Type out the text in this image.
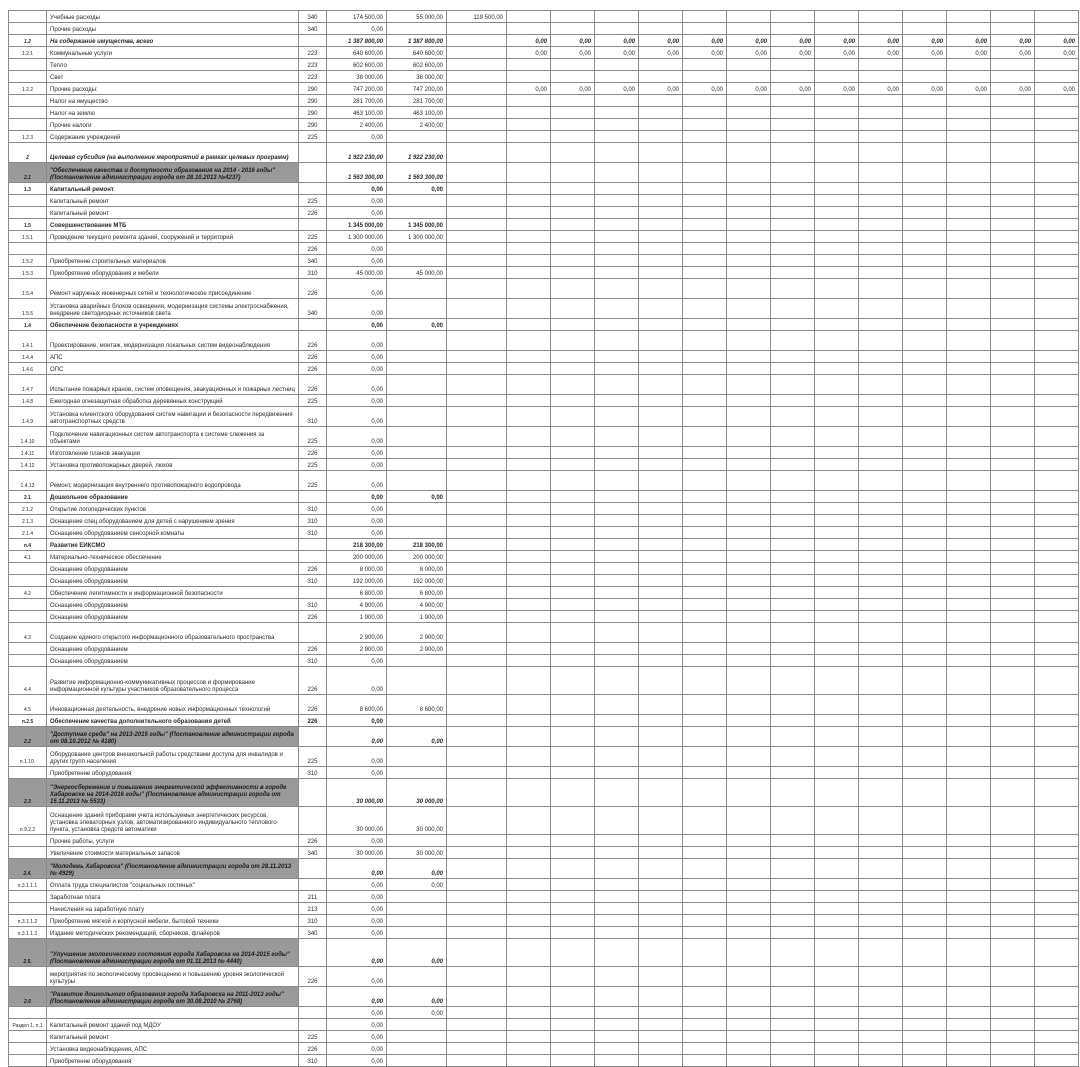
	Учебные расходы	340	174 500,00	55 000,00	119 500,00													
	Прочие расходы	340	0,00															
1.2	На содержание имущества, всего		1 387 800,00	1 387 800,00		0,00	0,00	0,00	0,00	0,00	0,00	0,00	0,00	0,00	0,00	0,00	0,00	0,00
1.2.1	Коммунальные услуги	223	640 600,00	640 600,00		0,00	0,00	0,00	0,00	0,00	0,00	0,00	0,00	0,00	0,00	0,00	0,00	0,00
	Тепло	223	602 600,00	602 600,00														
	Свет	223	38 000,00	38 000,00														
1.2.2	Прочие расходы:	290	747 200,00	747 200,00		0,00	0,00	0,00	0,00	0,00	0,00	0,00	0,00	0,00	0,00	0,00	0,00	0,00
	Налог на имущество	290	281 700,00	281 700,00														
	Налог на землю	290	463 100,00	463 100,00														
	Прочие налоги	290	2 400,00	2 400,00														
1.2.3	Содержание учреждений	225	0,00															
2	Целевая субсидия (на выполнение мероприятий в рамках целевых программ)		1 922 230,00	1 922 230,00														
2.1	"Обеспечение качества и доступности образования на 2014 - 2016 годы" (Постановление администрации города от 28.10.2013 №4237)		1 563 300,00	1 563 300,00														
1.3	Капитальный ремонт		0,00	0,00														
	Капитальный ремонт	225	0,00															
	Капитальный ремонт	226	0,00															
1.5	Совершенствование МТБ		1 345 000,00	1 345 000,00														
1.5.1	Проведение текущего ремонта зданий, сооружений и территорий	225	1 300 000,00	1 300 000,00														
		226	0,00															
1.5.2	Приобретение строительных материалов	340	0,00															
1.5.3	Приобретение оборудования и мебели	310	45 000,00	45 000,00														
1.5.4	Ремонт наружных инженерных сетей и технологическое присоединение	226	0,00															
1.5.5	Установка аварийных блоков освещения, модернизация системы электроснабжения, внедрение светодиодных источников света	340	0,00															
1.4	Обеспечение безопасности в учреждениях		0,00	0,00														
1.4.1	Проектирование, монтаж, модернизация локальных систем видеонаблюдения	226	0,00															
1.4.4	АПС	226	0,00															
1.4.6	ОПС	226	0,00															
1.4.7	Испытание пожарных кранов, систем оповещения, эвакуационных и пожарных лестниц	226	0,00															
1.4.8	Ежегодная огнезащитная обработка деревянных конструкций	225	0,00															
1.4.9	Установка клиентского оборудования систем навигации и безопасности передвижения автотранспортных средств	310	0,00															
1.4.10	Подключение навигационных систем автотранспорта к системе слежения за объектами	225	0,00															
1.4.11	Изготовление планов эвакуации	226	0,00															
1.4.12	Установка противопожарных дверей, люков	225	0,00															
1.4.13	Ремонт, модернизация внутреннего противопожарного водопровода	225	0,00															
2.1	Дошкольное образование		0,00	0,00														
2.1.2	Открытие логопедических пунктов	310	0,00															
2.1.3	Оснащение спец.оборудованием для детей с нарушением зрения	310	0,00															
2.1.4	Оснащение оборудованием сенсорной комнаты	310	0,00															
п.4	Развитие ЕИКСМО		218 300,00	218 300,00														
4.1	Материально-техническое обеспечение		200 000,00	200 000,00														
	Оснащение оборудованием	226	8 000,00	8 000,00														
	Оснащение оборудованием	310	192 000,00	192 000,00														
4.2	Обеспечение легитимности и информационной безопасности		6 800,00	6 800,00														
	Оснащение оборудованием	310	4 900,00	4 900,00														
	Оснащение оборудованием	226	1 900,00	1 900,00														
4.3	Создание единого открытого информационного образовательного пространства		2 900,00	2 900,00														
	Оснащение оборудованием	226	2 900,00	2 900,00														
	Оснащение оборудованием	310	0,00															
4.4	Развитие информационно-коммуникативных процессов и формирование информационной культуры участников образовательного процесса	226	0,00															
4.5	Инновационная деятельность, внедрение новых информационных технологий	226	8 600,00	8 600,00														
п.2.5	Обеспечение качества дополнительного образования детей	226	0,00															
2.2	"Доступная среда" на 2013-2015 годы" (Постановление администрации города от 08.10.2012 № 4180)		0,00	0,00														
п.1.10.	Оборудование центров внешкольной работы средствами доступа для инвалидов и других групп населения	225	0,00															
	Приобретение оборудования	310	0,00															
2.3	"Энергосбережение и повышение энергетической эффективности в городе Хабаровске на 2014-2016 годы" (Постановление администрации города от 15.11.2013 № 5533)		30 000,00	30 000,00														
п.9.2.2	Оснащение зданий приборами учета используемых энергетических ресурсов, установка элеваторных узлов, автоматизированного индивидуального теплового пункта, установка средств автоматики		30 000,00	30 000,00														
	Прочие работы, услуги	226	0,00															
	Увеличение стоимости материальных запасов	340	30 000,00	30 000,00														
2.4.	"Молодежь Хабаровска" (Постановление администрации города от 28.11.2013 № 4929)		0,00	0,00														
п.3.1.1.1	Оплата труда специалистов "социальных гостиных"		0,00	0,00														
	Заработная плата	211	0,00															
	Начисления на заработную плату	213	0,00															
п.3.1.1.2	Приобретение мягкой и корпусной мебели, бытовой техники	310	0,00															
п.3.1.1.3	Издание методических рекомендаций, сборников, флайеров	340	0,00															
2.5.	"Улучшение экологического состояния города Хабаровска на 2014-2015 годы" (Постановление администрации города от 01.11.2013 № 4440)		0,00	0,00														
	мероприятия по экологическому просвещению и повышению уровня экологической культуры	226	0,00															
2.6	"Развитие дошкольного образования города Хабаровска на 2011-2013 годы" (Постановление администрации города от 30.08.2010 № 2768)		0,00	0,00														
			0,00	0,00														
Раздел 1, п.1	Капитальный ремонт зданий под МДОУ		0,00															
	Капитальный ремонт	225	0,00															
	Установка видеонаблюдения, АПС	226	0,00															
	Приобретение оборудования	310	0,00															
